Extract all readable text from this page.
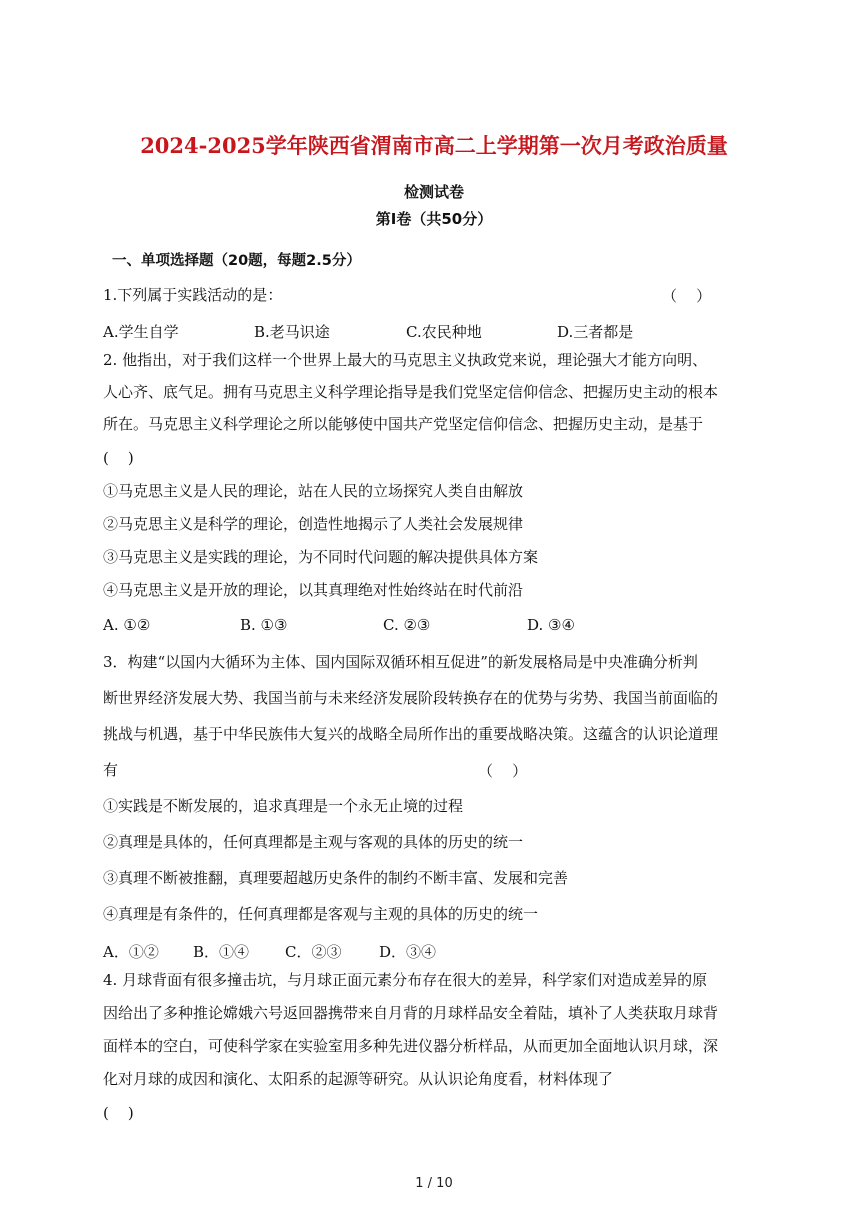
2024-2025学年陕西省渭南市高二上学期第一次月考政治质量
检测试卷
第Ⅰ卷（共50分）
一、单项选择题（20题，每题2.5分）
1.下列属于实践活动的是：	（    ）
A.学生自学	B.老马识途	C.农民种地	D.三者都是
2. 他指出，对于我们这样一个世界上最大的马克思主义执政党来说，理论强大才能方向明、
人心齐、底气足。拥有马克思主义科学理论指导是我们党坚定信仰信念、把握历史主动的根本
所在。马克思主义科学理论之所以能够使中国共产党坚定信仰信念、把握历史主动，是基于
(    )
①马克思主义是人民的理论，站在人民的立场探究人类自由解放
②马克思主义是科学的理论，创造性地揭示了人类社会发展规律
③马克思主义是实践的理论，为不同时代问题的解决提供具体方案
④马克思主义是开放的理论，以其真理绝对性始终站在时代前沿
A. ①②	B. ①③	C. ②③	D. ③④
3．构建“以国内大循环为主体、国内国际双循环相互促进”的新发展格局是中央准确分析判
断世界经济发展大势、我国当前与未来经济发展阶段转换存在的优势与劣势、我国当前面临的
挑战与机遇，基于中华民族伟大复兴的战略全局所作出的重要战略决策。这蕴含的认识论道理
有	（    ）
①实践是不断发展的，追求真理是一个永无止境的过程
②真理是具体的，任何真理都是主观与客观的具体的历史的统一
③真理不断被推翻，真理要超越历史条件的制约不断丰富、发展和完善
④真理是有条件的，任何真理都是客观与主观的具体的历史的统一
A．①② B．①④ C．②③	D．③④
4. 月球背面有很多撞击坑，与月球正面元素分布存在很大的差异，科学家们对造成差异的原
因给出了多种推论嫦娥六号返回器携带来自月背的月球样品安全着陆，填补了人类获取月球背
面样本的空白，可使科学家在实验室用多种先进仪器分析样品，从而更加全面地认识月球，深
化对月球的成因和演化、太阳系的起源等研究。从认识论角度看，材料体现了
(    )
1 / 10
